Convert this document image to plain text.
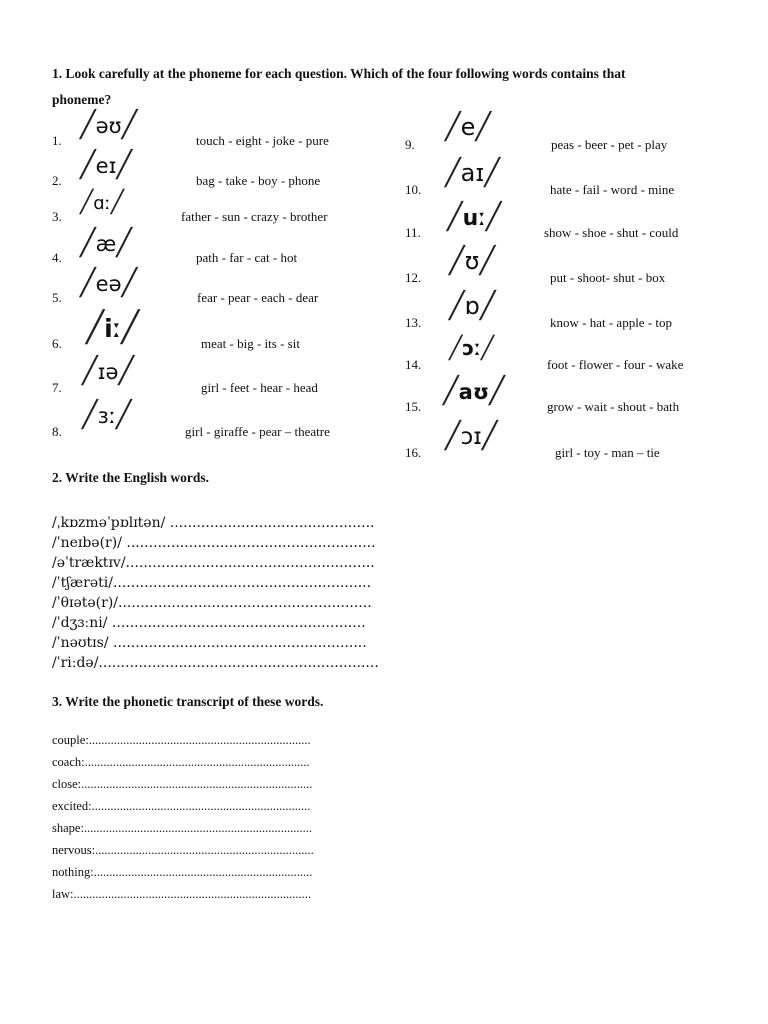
1. Look carefully at the phoneme for each question. Which of the four following words contains that
phoneme?
1.
╱əʊ╱
touch - eight - joke - pure
2.
╱eɪ╱
bag - take - boy - phone
3.
╱ɑː╱
father - sun - crazy - brother
4. ╱æ╱	path - far - cat - hot
5. ╱eə╱	fear - pear - each - dear
6. ╱iː╱	meat - big - its - sit
7.
╱ɪə╱
girl - feet - hear - head
8.
╱ɜː╱
girl - giraffe - pear – theatre
9.
╱e╱
peas - beer - pet - play
10.
╱aɪ╱
hate - fail - word - mine
11.
╱uː╱
show - shoe - shut - could
12.
╱ʊ╱
put - shoot- shut - box
13.
╱ɒ╱
know - hat - apple - top
14.
╱ɔː╱
foot - flower - four - wake
15.
╱aʊ╱
grow - wait - shout - bath
16.
╱ɔɪ╱
girl - toy - man – tie
2. Write the English words.
/ˌkɒzməˈpɒlɪtən/ ..............................................
/ˈneɪbə(r)/ ........................................................
/əˈtræktɪv/........................................................
/ˈtʃærəti/..........................................................
/ˈθɪətə(r)/.........................................................
/ˈdʒɜːni/ .........................................................
/ˈnəʊtɪs/ .........................................................
/ˈriːdə/...............................................................
3. Write the phonetic transcript of these words.
couple:.......................................................................
coach:........................................................................
close:..........................................................................
excited:......................................................................
shape:.........................................................................
nervous:......................................................................
nothing:......................................................................
law:............................................................................
